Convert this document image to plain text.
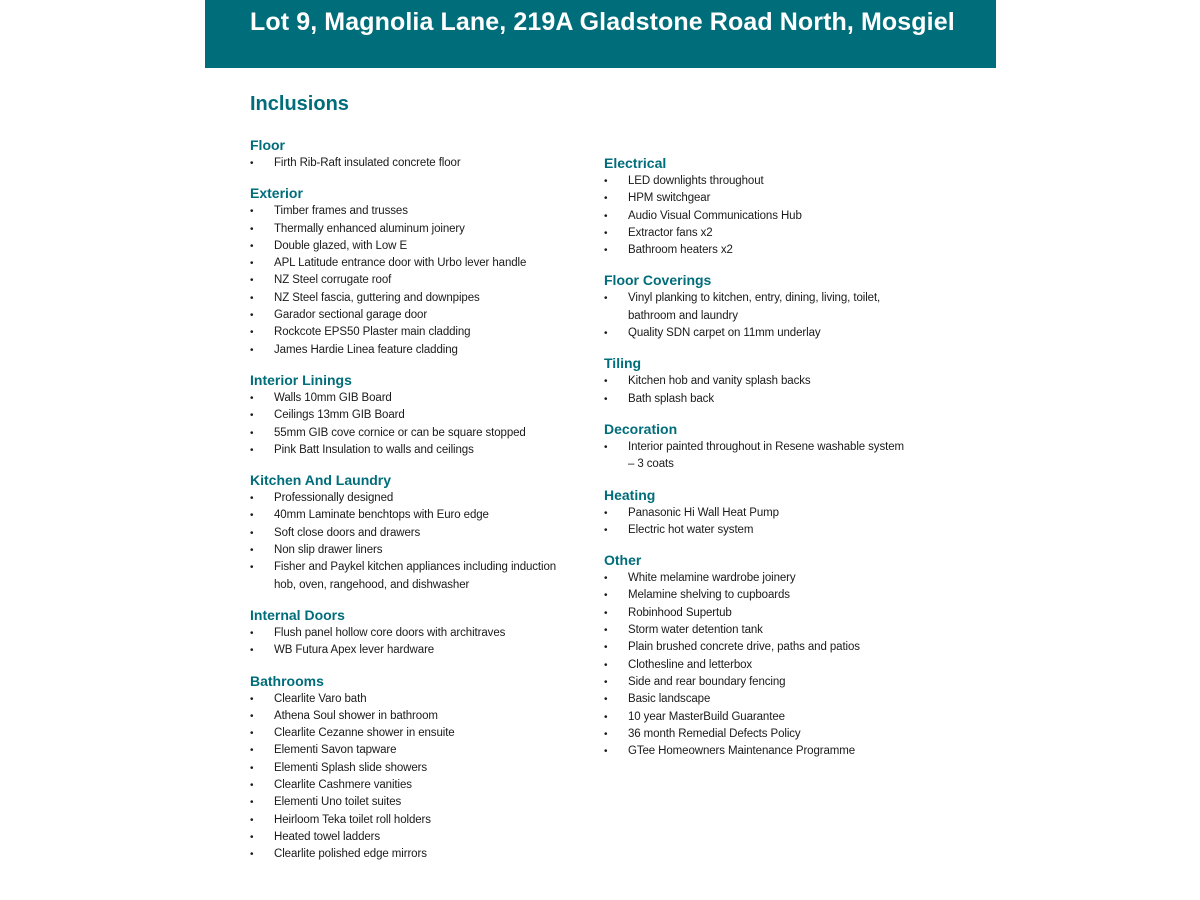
Lot 9, Magnolia Lane, 219A Gladstone Road North, Mosgiel
Inclusions
Floor
•	Firth Rib-Raft insulated concrete floor
Exterior
•	Timber frames and trusses
•	Thermally enhanced aluminum joinery
•	Double glazed, with Low E
•	APL Latitude entrance door with Urbo lever handle
•	NZ Steel corrugate roof
•	NZ Steel fascia, guttering and downpipes
•	Garador sectional garage door
•	Rockcote EPS50 Plaster main cladding
•	James Hardie Linea feature cladding
Interior Linings
•	Walls 10mm GIB Board
•	Ceilings 13mm GIB Board
•	55mm GIB cove cornice or can be square stopped
•	Pink Batt Insulation to walls and ceilings
Kitchen And Laundry
•	Professionally designed
•	40mm Laminate benchtops with Euro edge
•	Soft close doors and drawers
•	Non slip drawer liners
•	Fisher and Paykel kitchen appliances including induction hob, oven, rangehood, and dishwasher
Internal Doors
•	Flush panel hollow core doors with architraves
•	WB Futura Apex lever hardware
Bathrooms
•	Clearlite Varo bath
•	Athena Soul shower in bathroom
•	Clearlite Cezanne shower in ensuite
•	Elementi Savon tapware
•	Elementi Splash slide showers
•	Clearlite Cashmere vanities
•	Elementi Uno toilet suites
•	Heirloom Teka toilet roll holders
•	Heated towel ladders
•	Clearlite polished edge mirrors
Electrical
•	LED downlights throughout
•	HPM switchgear
•	Audio Visual Communications Hub
•	Extractor fans x2
•	Bathroom heaters x2
Floor Coverings
•	Vinyl planking to kitchen, entry, dining, living, toilet, bathroom and laundry
•	Quality SDN carpet on 11mm underlay
Tiling
•	Kitchen hob and vanity splash backs
•	Bath splash back
Decoration
•	Interior painted throughout in Resene washable system – 3 coats
Heating
•	Panasonic Hi Wall Heat Pump
•	Electric hot water system
Other
•	White melamine wardrobe joinery
•	Melamine shelving to cupboards
•	Robinhood Supertub
•	Storm water detention tank
•	Plain brushed concrete drive, paths and patios
•	Clothesline and letterbox
•	Side and rear boundary fencing
•	Basic landscape
•	10 year MasterBuild Guarantee
•	36 month Remedial Defects Policy
•	GTee Homeowners Maintenance Programme
